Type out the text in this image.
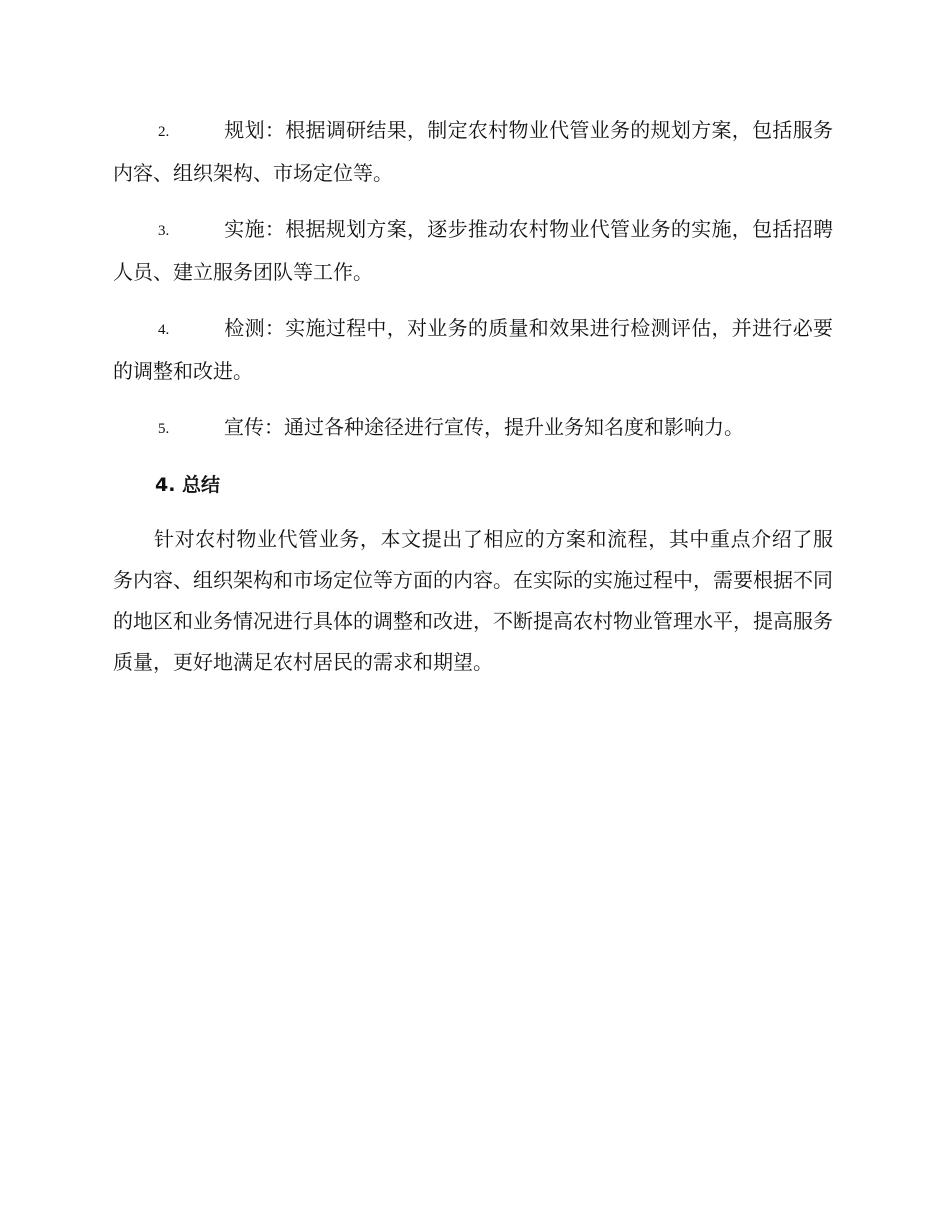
2.	规划：根据调研结果，制定农村物业代管业务的规划方案，包括服务内容、组织架构、市场定位等。
3.	实施：根据规划方案，逐步推动农村物业代管业务的实施，包括招聘人员、建立服务团队等工作。
4.	检测：实施过程中，对业务的质量和效果进行检测评估，并进行必要的调整和改进。
5.	宣传：通过各种途径进行宣传，提升业务知名度和影响力。
4. 总结

针对农村物业代管业务，本文提出了相应的方案和流程，其中重点介绍了服务内容、组织架构和市场定位等方面的内容。在实际的实施过程中，需要根据不同的地区和业务情况进行具体的调整和改进，不断提高农村物业管理水平，提高服务质量，更好地满足农村居民的需求和期望。
